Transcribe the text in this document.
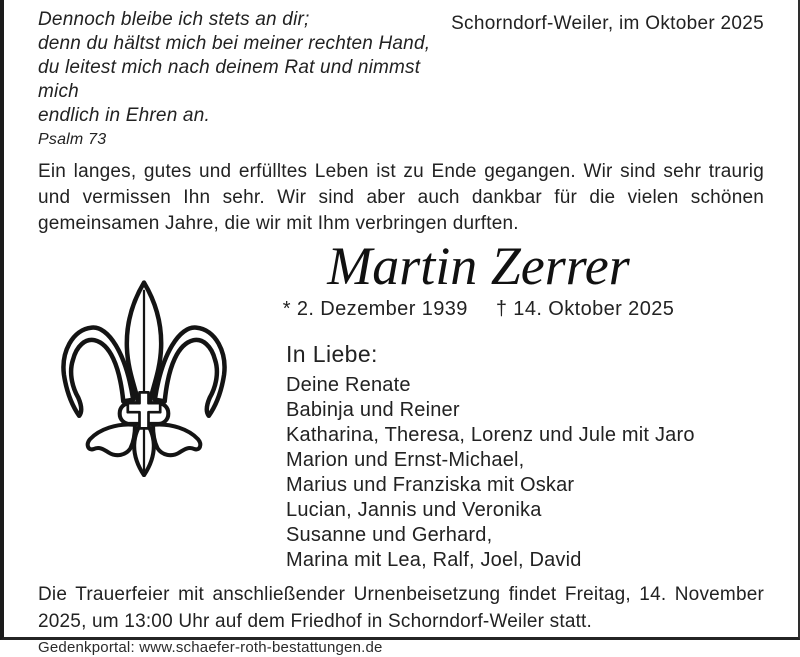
Dennoch bleibe ich stets an dir;
denn du hältst mich bei meiner rechten Hand,
du leitest mich nach deinem Rat und nimmst mich
endlich in Ehren an.
Psalm 73
Schorndorf-Weiler, im Oktober 2025
Ein langes, gutes und erfülltes Leben ist zu Ende gegangen. Wir sind sehr traurig und vermissen Ihn sehr. Wir sind aber auch dankbar für die vielen schönen gemeinsamen Jahre, die wir mit Ihm verbringen durften.
Martin Zerrer
* 2. Dezember 1939 † 14. Oktober 2025
In Liebe:
Deine Renate
Babinja und Reiner
Katharina, Theresa, Lorenz und Jule mit Jaro
Marion und Ernst-Michael,
Marius und Franziska mit Oskar
Lucian, Jannis und Veronika
Susanne und Gerhard,
Marina mit Lea, Ralf, Joel, David
Die Trauerfeier mit anschließender Urnenbeisetzung findet Freitag, 14. November 2025, um 13:00 Uhr auf dem Friedhof in Schorndorf-Weiler statt.
Gedenkportal: www.schaefer-roth-bestattungen.de
